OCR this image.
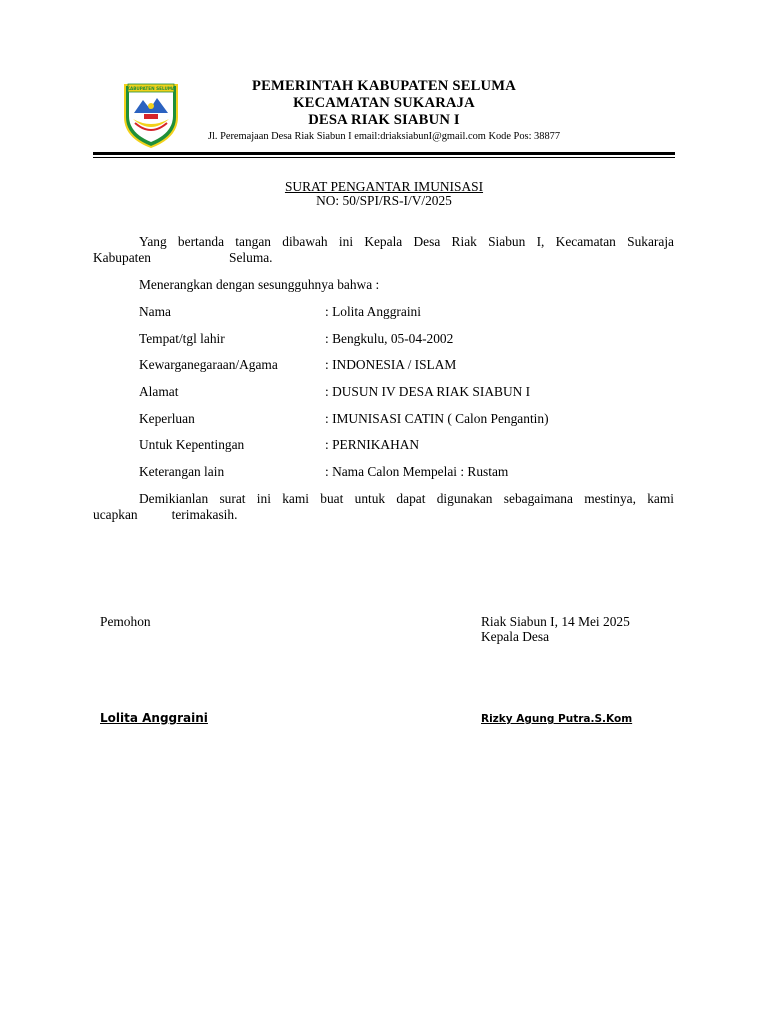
KABUPATEN SELUMA	PEMERINTAH KABUPATEN SELUMA
KECAMATAN SUKARAJA
DESA RIAK SIABUN I
Jl. Peremajaan Desa Riak Siabun I email:driaksiabunI@gmail.com Kode Pos: 38877
SURAT PENGANTAR IMUNISASI
NO: 50/SPI/RS-I/V/2025
Yang bertanda tangan dibawah ini Kepala Desa Riak Siabun I, Kecamatan Sukaraja
Kabupaten	Seluma.
Menerangkan dengan sesungguhnya bahwa :
Nama	: Lolita Anggraini
Tempat/tgl lahir	: Bengkulu, 05-04-2002
Kewarganegaraan/Agama	: INDONESIA / ISLAM
Alamat	: DUSUN IV DESA RIAK SIABUN I
Keperluan	: IMUNISASI CATIN ( Calon Pengantin)
Untuk Kepentingan	: PERNIKAHAN
Keterangan lain	: Nama Calon Mempelai : Rustam
Demikianlan surat ini kami buat untuk dapat digunakan sebagaimana mestinya, kami
ucapkan	terimakasih.
Pemohon	Riak Siabun I, 14 Mei 2025
Kepala Desa
Lolita Anggraini	Rizky Agung Putra.S.Kom
